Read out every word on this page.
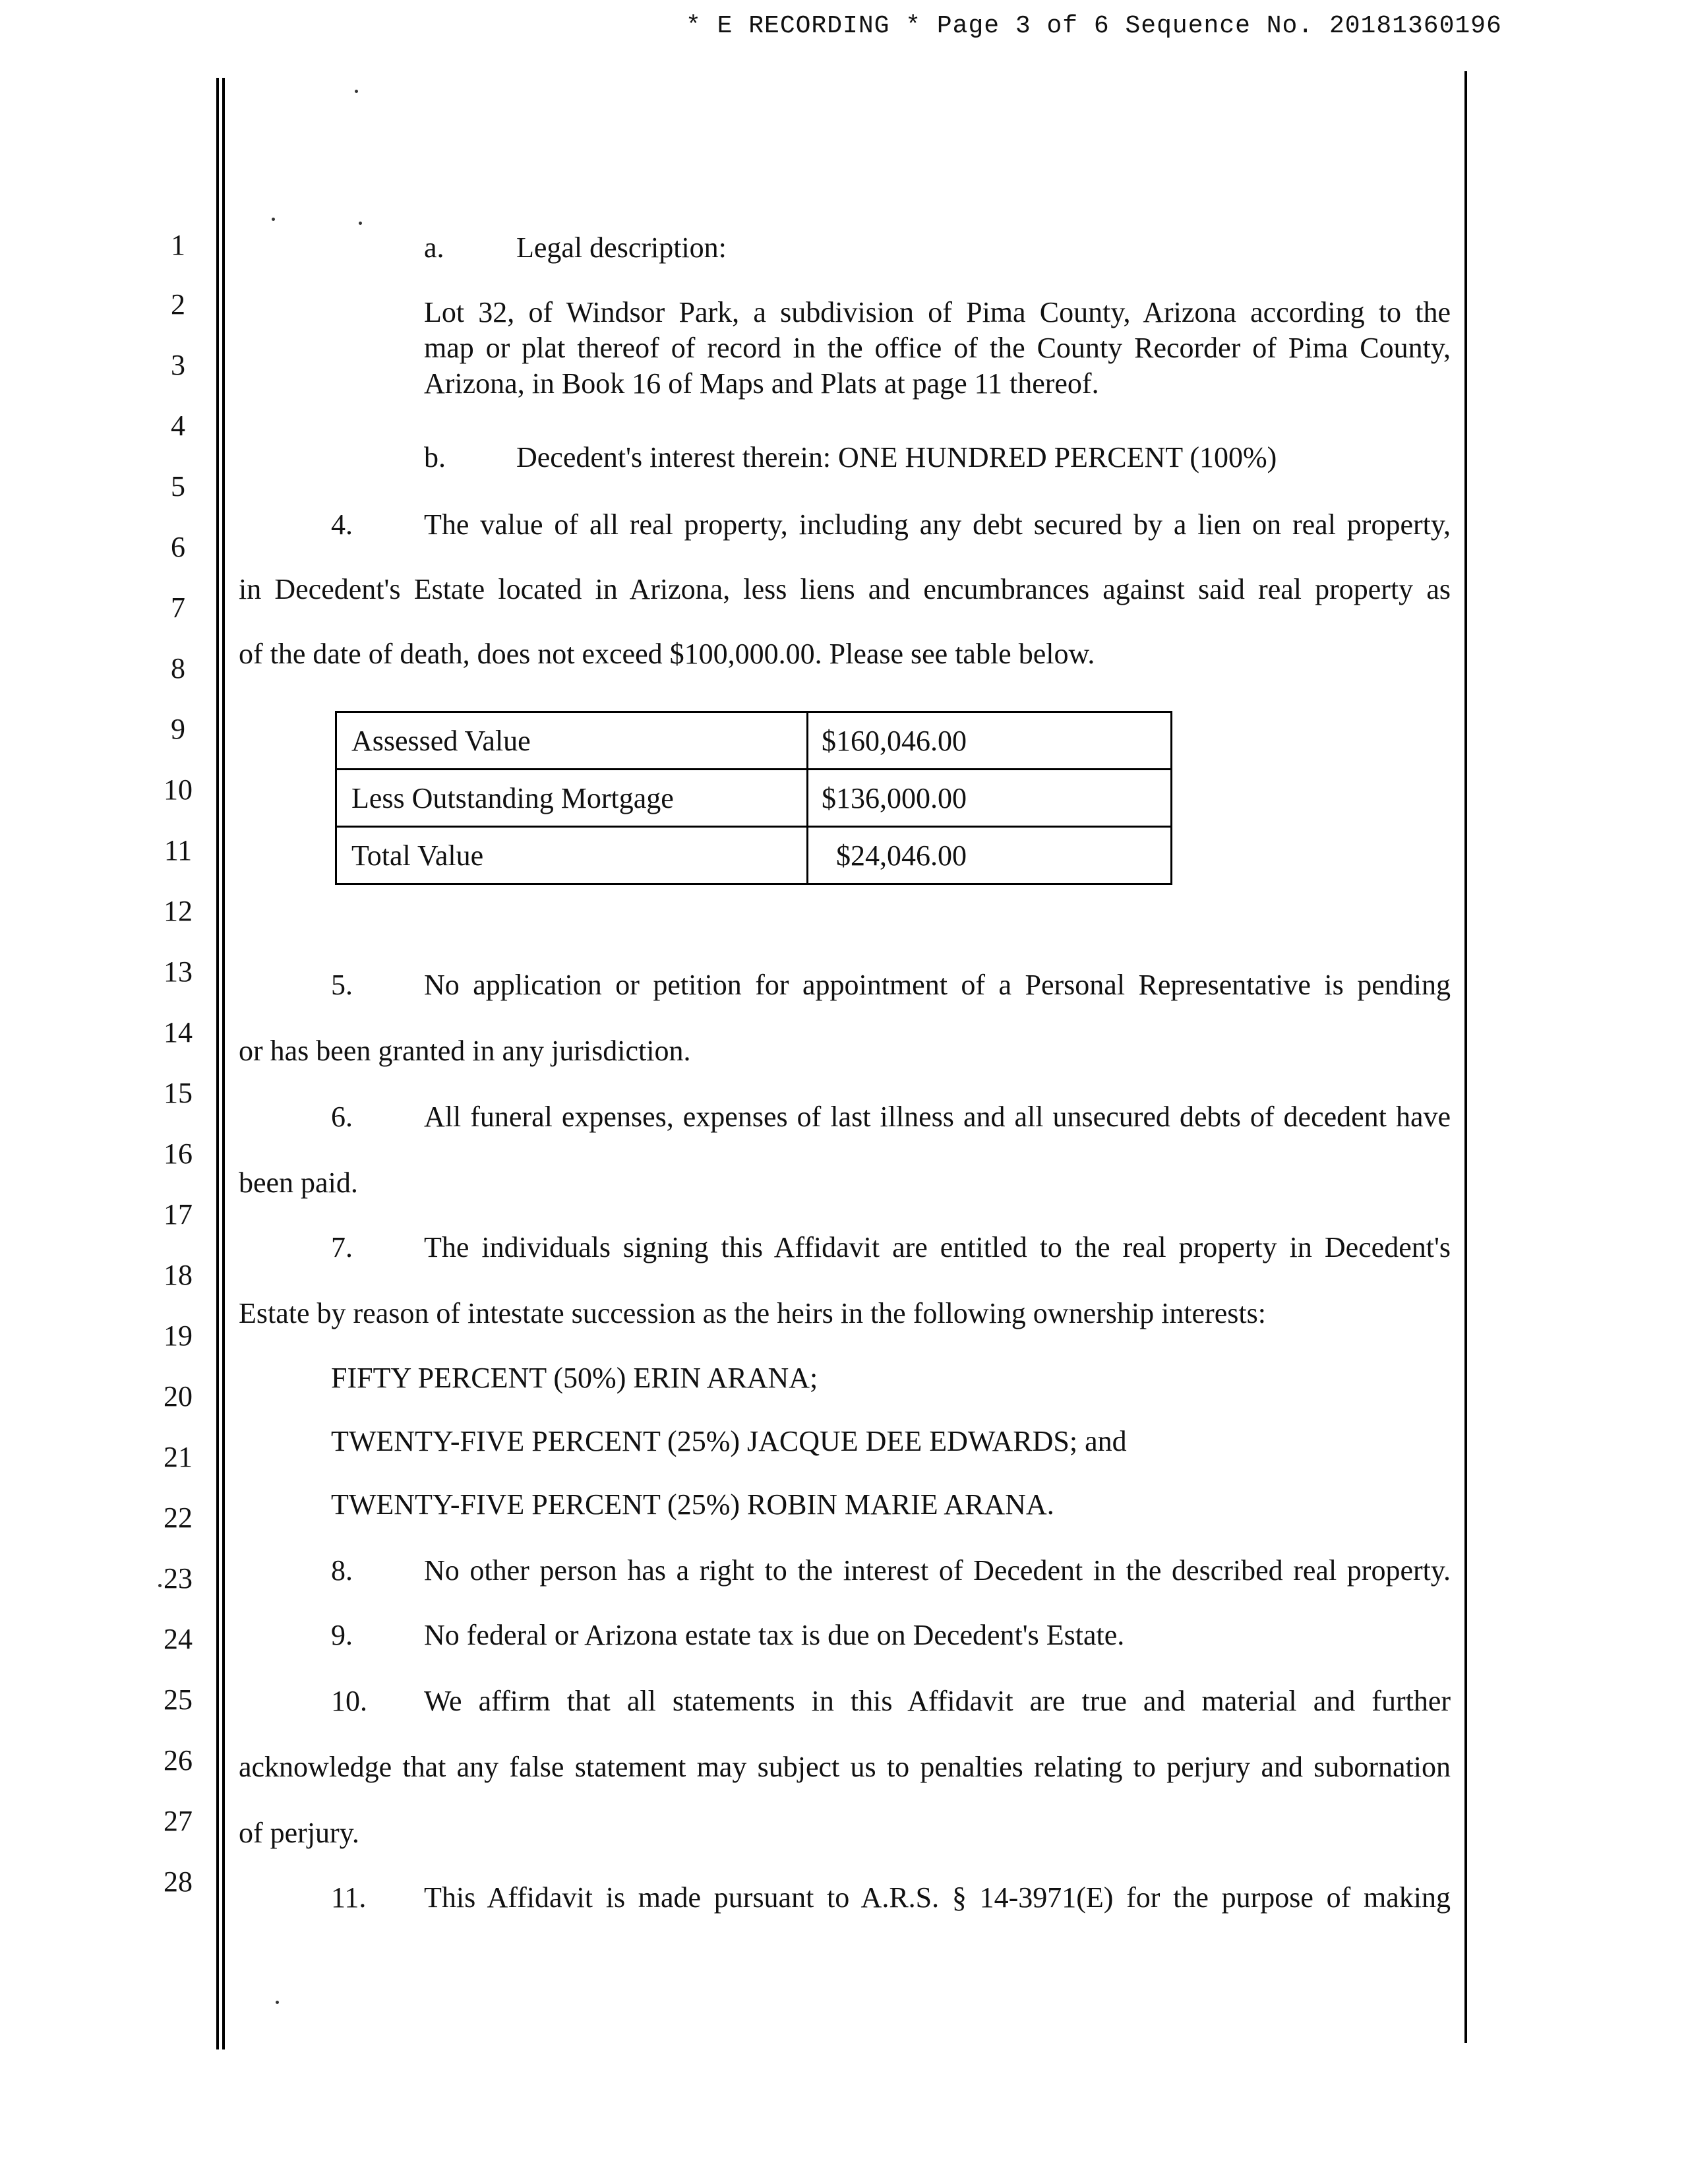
* E RECORDING * Page 3 of 6 Sequence No. 20181360196
1
2
3
4
5
6
7
8
9
10
11
12
13
14
15
16
17
18
19
20
21
22
23
24
25
26
27
28
a. Legal description:
Lot 32, of Windsor Park, a subdivision of Pima County, Arizona according to the
map or plat thereof of record in the office of the County Recorder of Pima County,
Arizona, in Book 16 of Maps and Plats at page 11 thereof.
b. Decedent's interest therein: ONE HUNDRED PERCENT (100%)
4. The value of all real property, including any debt secured by a lien on real property,
in Decedent's Estate located in Arizona, less liens and encumbrances against said real property as
of the date of death, does not exceed $100,000.00. Please see table below.
Assessed Value	$160,046.00
Less Outstanding Mortgage	$136,000.00
Total Value	$24,046.00
5. No application or petition for appointment of a Personal Representative is pending
or has been granted in any jurisdiction.
6. All funeral expenses, expenses of last illness and all unsecured debts of decedent have
been paid.
7. The individuals signing this Affidavit are entitled to the real property in Decedent's
Estate by reason of intestate succession as the heirs in the following ownership interests:
FIFTY PERCENT (50%) ERIN ARANA;
TWENTY-FIVE PERCENT (25%) JACQUE DEE EDWARDS; and
TWENTY-FIVE PERCENT (25%) ROBIN MARIE ARANA.
8. No other person has a right to the interest of Decedent in the described real property.
9. No federal or Arizona estate tax is due on Decedent's Estate.
10. We affirm that all statements in this Affidavit are true and material and further
acknowledge that any false statement may subject us to penalties relating to perjury and subornation
of perjury.
11. This Affidavit is made pursuant to A.R.S. § 14-3971(E) for the purpose of making
